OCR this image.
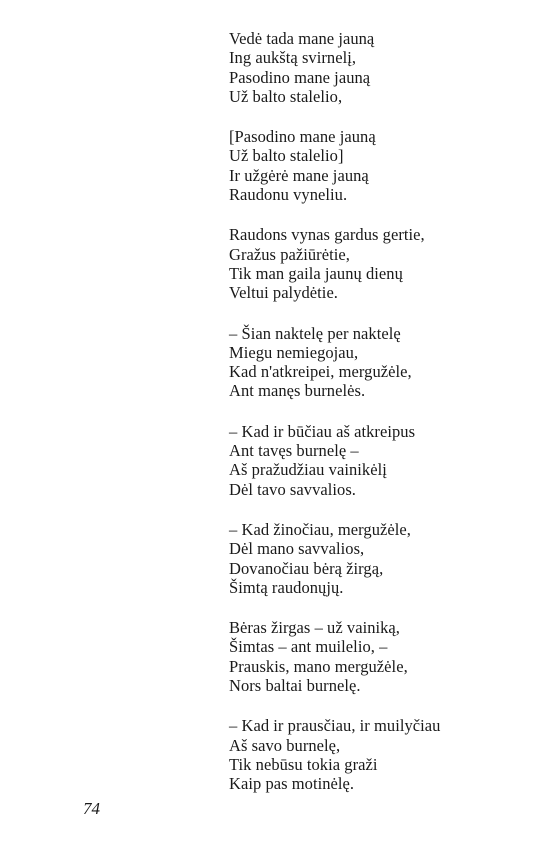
Vedė tada mane jauną
Ing aukštą svirnelį,
Pasodino mane jauną
Už balto stalelio,
[Pasodino mane jauną
Už balto stalelio]
Ir užgėrė mane jauną
Raudonu vyneliu.
Raudons vynas gardus gertie,
Gražus pažiūrėtie,
Tik man gaila jaunų dienų
Veltui palydėtie.
– Šian naktelę per naktelę
Miegu nemiegojau,
Kad n'atkreipei, mergužėle,
Ant manęs burnelės.
– Kad ir būčiau aš atkreipus
Ant tavęs burnelę –
Aš pražudžiau vainikėlį
Dėl tavo savvalios.
– Kad žinočiau, mergužėle,
Dėl mano savvalios,
Dovanočiau bėrą žirgą,
Šimtą raudonųjų.
Bėras žirgas – už vainiką,
Šimtas – ant muilelio, –
Prauskis, mano mergužėle,
Nors baltai burnelę.
– Kad ir prausčiau, ir muilyčiau
Aš savo burnelę,
Tik nebūsu tokia graži
Kaip pas motinėlę.
74
